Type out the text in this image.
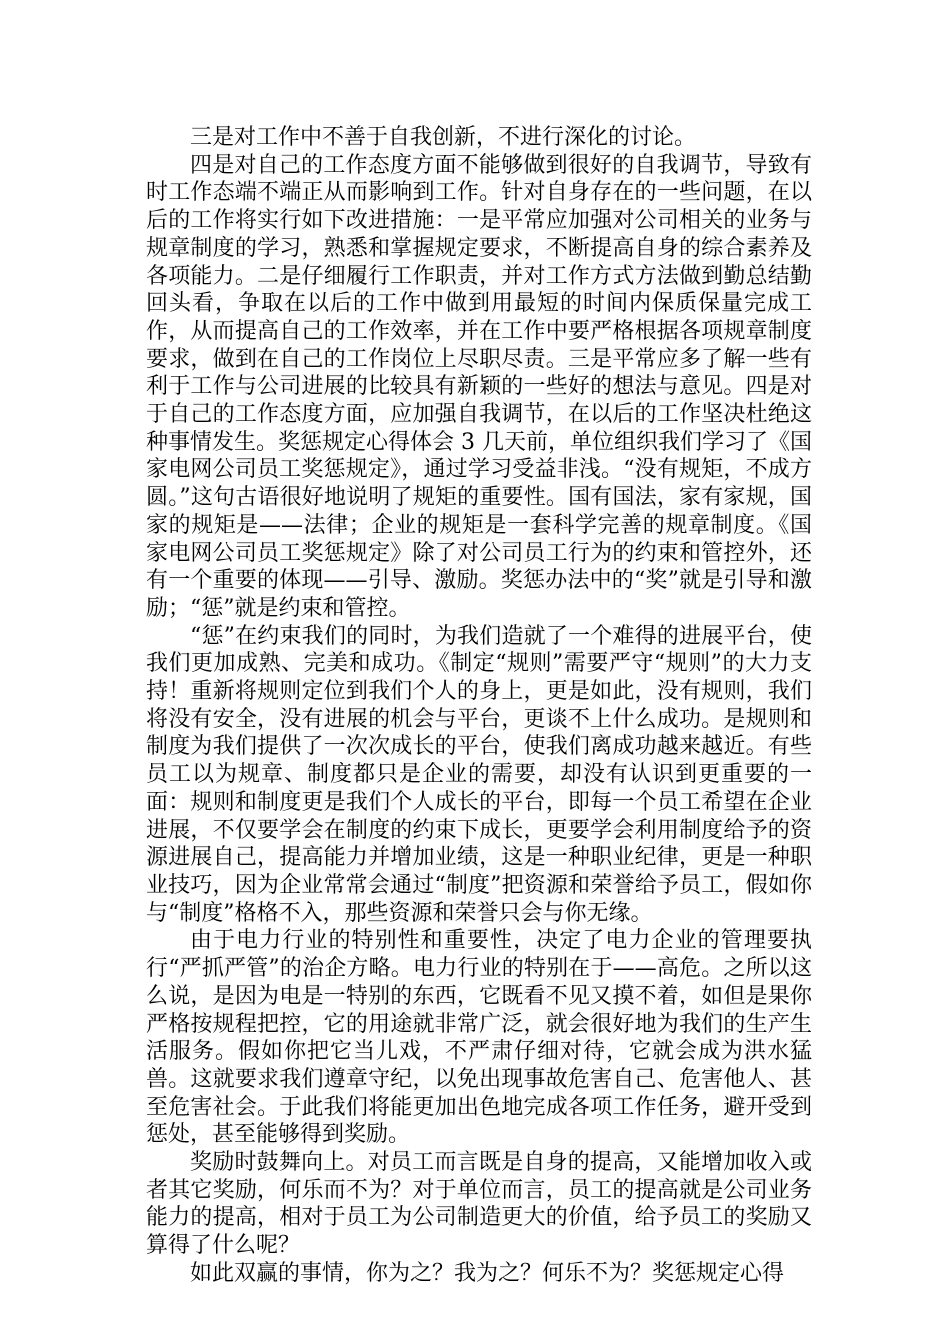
三是对工作中不善于自我创新，不进行深化的讨论。

四是对自己的工作态度方面不能够做到很好的自我调节，导致有时工作态端不端正从而影响到工作。针对自身存在的一些问题，在以后的工作将实行如下改进措施：一是平常应加强对公司相关的业务与规章制度的学习，熟悉和掌握规定要求，不断提高自身的综合素养及各项能力。二是仔细履行工作职责，并对工作方式方法做到勤总结勤回头看，争取在以后的工作中做到用最短的时间内保质保量完成工作，从而提高自己的工作效率，并在工作中要严格根据各项规章制度要求，做到在自己的工作岗位上尽职尽责。三是平常应多了解一些有利于工作与公司进展的比较具有新颖的一些好的想法与意见。四是对于自己的工作态度方面，应加强自我调节，在以后的工作坚决杜绝这种事情发生。奖惩规定心得体会 3 几天前，单位组织我们学习了《国家电网公司员工奖惩规定》，通过学习受益非浅。“没有规矩，不成方圆。”这句古语很好地说明了规矩的重要性。国有国法，家有家规，国家的规矩是——法律；企业的规矩是一套科学完善的规章制度。《国家电网公司员工奖惩规定》除了对公司员工行为的约束和管控外，还有一个重要的体现——引导、激励。奖惩办法中的“奖”就是引导和激励；“惩”就是约束和管控。

“惩”在约束我们的同时，为我们造就了一个难得的进展平台，使我们更加成熟、完美和成功。《制定“规则”需要严守“规则”的大力支持！重新将规则定位到我们个人的身上，更是如此，没有规则，我们将没有安全，没有进展的机会与平台，更谈不上什么成功。是规则和制度为我们提供了一次次成长的平台，使我们离成功越来越近。有些员工以为规章、制度都只是企业的需要，却没有认识到更重要的一面：规则和制度更是我们个人成长的平台，即每一个员工希望在企业进展，不仅要学会在制度的约束下成长，更要学会利用制度给予的资源进展自己，提高能力并增加业绩，这是一种职业纪律，更是一种职业技巧，因为企业常常会通过“制度”把资源和荣誉给予员工，假如你与“制度”格格不入，那些资源和荣誉只会与你无缘。

由于电力行业的特别性和重要性，决定了电力企业的管理要执行“严抓严管”的治企方略。电力行业的特别在于——高危。之所以这么说，是因为电是一特别的东西，它既看不见又摸不着，如但是果你严格按规程把控，它的用途就非常广泛，就会很好地为我们的生产生活服务。假如你把它当儿戏，不严肃仔细对待，它就会成为洪水猛兽。这就要求我们遵章守纪，以免出现事故危害自己、危害他人、甚至危害社会。于此我们将能更加出色地完成各项工作任务，避开受到惩处，甚至能够得到奖励。

奖励时鼓舞向上。对员工而言既是自身的提高，又能增加收入或者其它奖励，何乐而不为？对于单位而言，员工的提高就是公司业务能力的提高，相对于员工为公司制造更大的价值，给予员工的奖励又算得了什么呢？

如此双赢的事情，你为之？我为之？何乐不为？奖惩规定心得
